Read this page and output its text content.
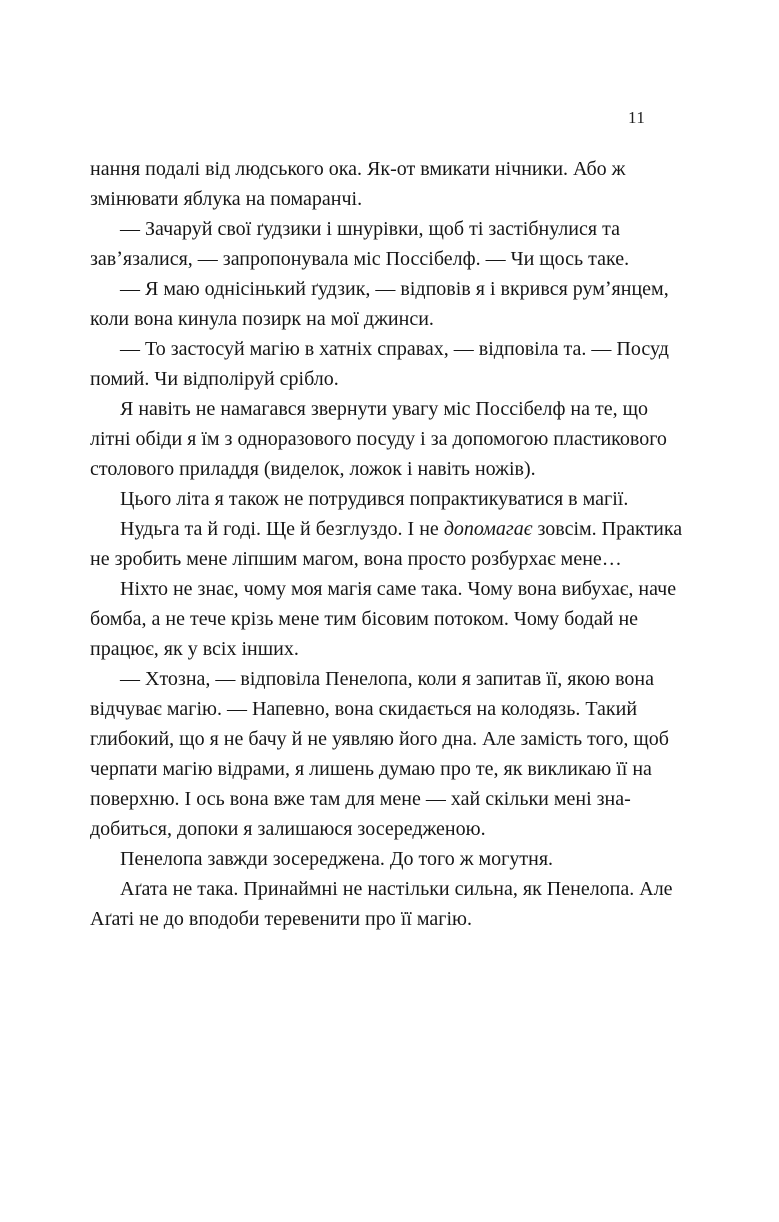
11

нання подалі від людського ока. Як-от вмикати нічники. Або ж змінювати яблука на помаранчі.

— Зачаруй свої ґудзики і шнурівки, щоб ті застібнулися та завʼязалися, — запропонувала міс Поссібелф. — Чи щось таке.

— Я маю однісінький ґудзик, — відповів я і вкрився румʼянцем, коли вона кинула позирк на мої джинси.

— То застосуй магію в хатніх справах, — відповіла та. — Посуд помий. Чи відполіруй срібло.

Я навіть не намагався звернути увагу міс Поссібелф на те, що літні обіди я їм з одноразового посуду і за допомогою пластикового столового приладдя (виделок, ложок і навіть ножів).

Цього літа я також не потрудився попрактикуватися в магії.

Нудьга та й годі. Ще й безглуздо. І не допомагає зовсім. Практика не зробить мене ліпшим магом, вона просто розбурхає мене…

Ніхто не знає, чому моя магія саме така. Чому вона вибухає, наче бомба, а не тече крізь мене тим бісовим потоком. Чому бодай не працює, як у всіх інших.

— Хтозна, — відповіла Пенелопа, коли я запитав її, якою вона відчуває магію. — Напевно, вона скидається на колодязь. Такий глибокий, що я не бачу й не уявляю його дна. Але замість того, щоб черпати магію відрами, я лишень думаю про те, як викликаю її на поверхню. І ось вона вже там для мене — хай скільки мені знадобиться, допоки я залишаюся зосередженою.

Пенелопа завжди зосереджена. До того ж могутня.

Аґата не така. Принаймні не настільки сильна, як Пенелопа. Але Аґаті не до вподоби теревенити про її магію.
